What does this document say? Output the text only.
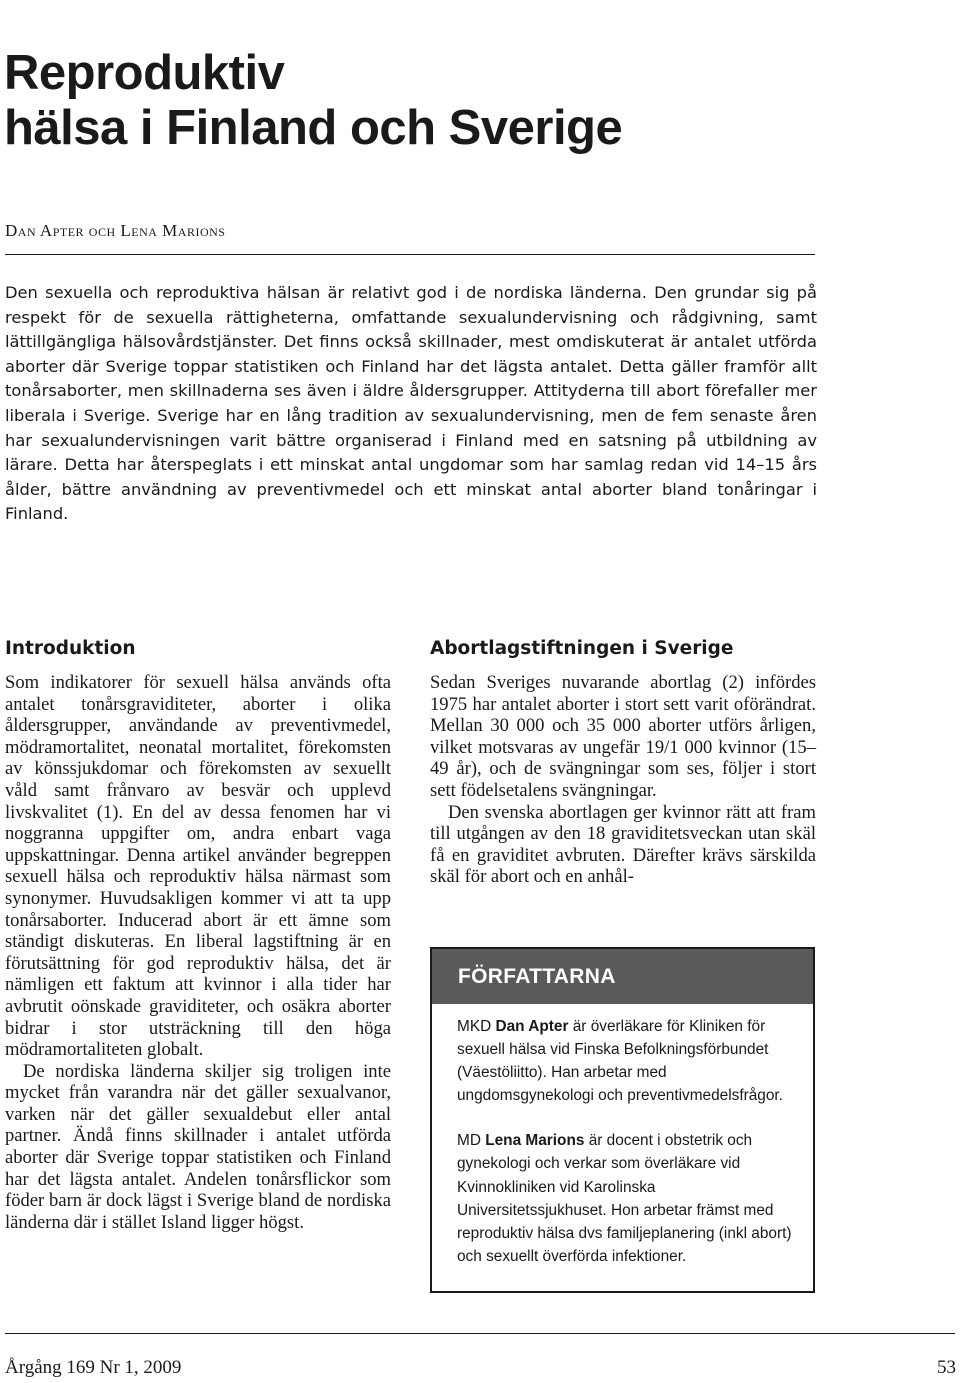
Reproduktiv
hälsa i Finland och Sverige
Dan Apter och Lena Marions

Den sexuella och reproduktiva hälsan är relativt god i de nordiska länderna. Den grundar sig på respekt för de sexuella rättigheterna, omfattande sexualundervisning och rådgivning, samt lättillgängliga hälsovårdstjänster. Det finns också skillnader, mest omdiskuterat är antalet utförda aborter där Sverige toppar statistiken och Finland har det lägsta antalet. Detta gäller framför allt tonårsaborter, men skillnaderna ses även i äldre åldersgrupper. Attityderna till abort förefaller mer liberala i Sverige. Sverige har en lång tradition av sexualundervisning, men de fem senaste åren har sexualundervisningen varit bättre organiserad i Finland med en satsning på utbildning av lärare. Detta har återspeglats i ett minskat antal ungdomar som har samlag redan vid 14–15 års ålder, bättre användning av preventivmedel och ett minskat antal aborter bland tonåringar i Finland.

Introduktion

Som indikatorer för sexuell hälsa används ofta antalet tonårsgraviditeter, aborter i olika åldersgrupper, användande av preventivmedel, mödramortalitet, neonatal mortalitet, förekomsten av könssjukdomar och förekomsten av sexuellt våld samt frånvaro av besvär och upplevd livskvalitet (1). En del av dessa fenomen har vi noggranna uppgifter om, andra enbart vaga uppskattningar. Denna artikel använder begreppen sexuell hälsa och reproduktiv hälsa närmast som synonymer. Huvudsakligen kommer vi att ta upp tonårsaborter. Inducerad abort är ett ämne som ständigt diskuteras. En liberal lagstiftning är en förutsättning för god reproduktiv hälsa, det är nämligen ett faktum att kvinnor i alla tider har avbrutit oönskade graviditeter, och osäkra aborter bidrar i stor utsträckning till den höga mödramortaliteten globalt.

De nordiska länderna skiljer sig troligen inte mycket från varandra när det gäller sexualvanor, varken när det gäller sexualdebut eller antal partner. Ändå finns skillnader i antalet utförda aborter där Sverige toppar statistiken och Finland har det lägsta antalet. Andelen tonårsflickor som föder barn är dock lägst i Sverige bland de nordiska länderna där i stället Island ligger högst.

Abortlagstiftningen i Sverige

Sedan Sveriges nuvarande abortlag (2) infördes 1975 har antalet aborter i stort sett varit oförändrat. Mellan 30 000 och 35 000 aborter utförs årligen, vilket motsvaras av ungefär 19/1 000 kvinnor (15–49 år), och de svängningar som ses, följer i stort sett födelsetalens svängningar.

Den svenska abortlagen ger kvinnor rätt att fram till utgången av den 18 graviditetsveckan utan skäl få en graviditet avbruten. Därefter krävs särskilda skäl för abort och en anhål-

FÖRFATTARNA

MKD Dan Apter är överläkare för Kliniken för sexuell hälsa vid Finska Befolkningsförbundet (Väestöliitto). Han arbetar med ungdomsgynekologi och preventivmedelsfrågor.

MD Lena Marions är docent i obstetrik och gynekologi och verkar som överläkare vid Kvinnokliniken vid Karolinska Universitetssjukhuset. Hon arbetar främst med reproduktiv hälsa dvs familjeplanering (inkl abort) och sexuellt överförda infektioner.

Årgång 169 Nr 1, 2009	53
